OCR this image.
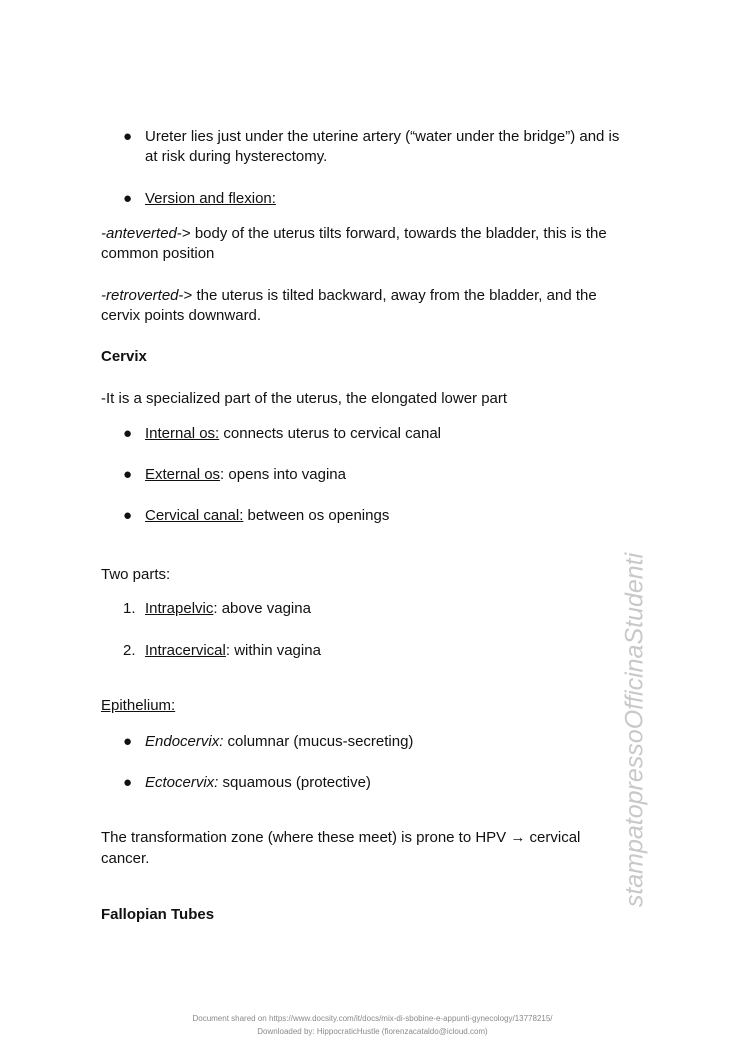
● Ureter lies just under the uterine artery (“water under the bridge”) and is
at risk during hysterectomy.
● Version and flexion:
-anteverted-> body of the uterus tilts forward, towards the bladder, this is the
common position
-retroverted-> the uterus is tilted backward, away from the bladder, and the
cervix points downward.
Cervix
-It is a specialized part of the uterus, the elongated lower part
● Internal os: connects uterus to cervical canal
● External os: opens into vagina
● Cervical canal: between os openings
Two parts:
1. Intrapelvic: above vagina
2. Intracervical: within vagina
Epithelium:
● Endocervix: columnar (mucus-secreting)
● Ectocervix: squamous (protective)
The transformation zone (where these meet) is prone to HPV → cervical
cancer.
Fallopian Tubes
stampatopressoOfficinaStudenti
Document shared on https://www.docsity.com/it/docs/mix-di-sbobine-e-appunti-gynecology/13778215/
Downloaded by: HippocraticHustle (fiorenzacataldo@icloud.com)
